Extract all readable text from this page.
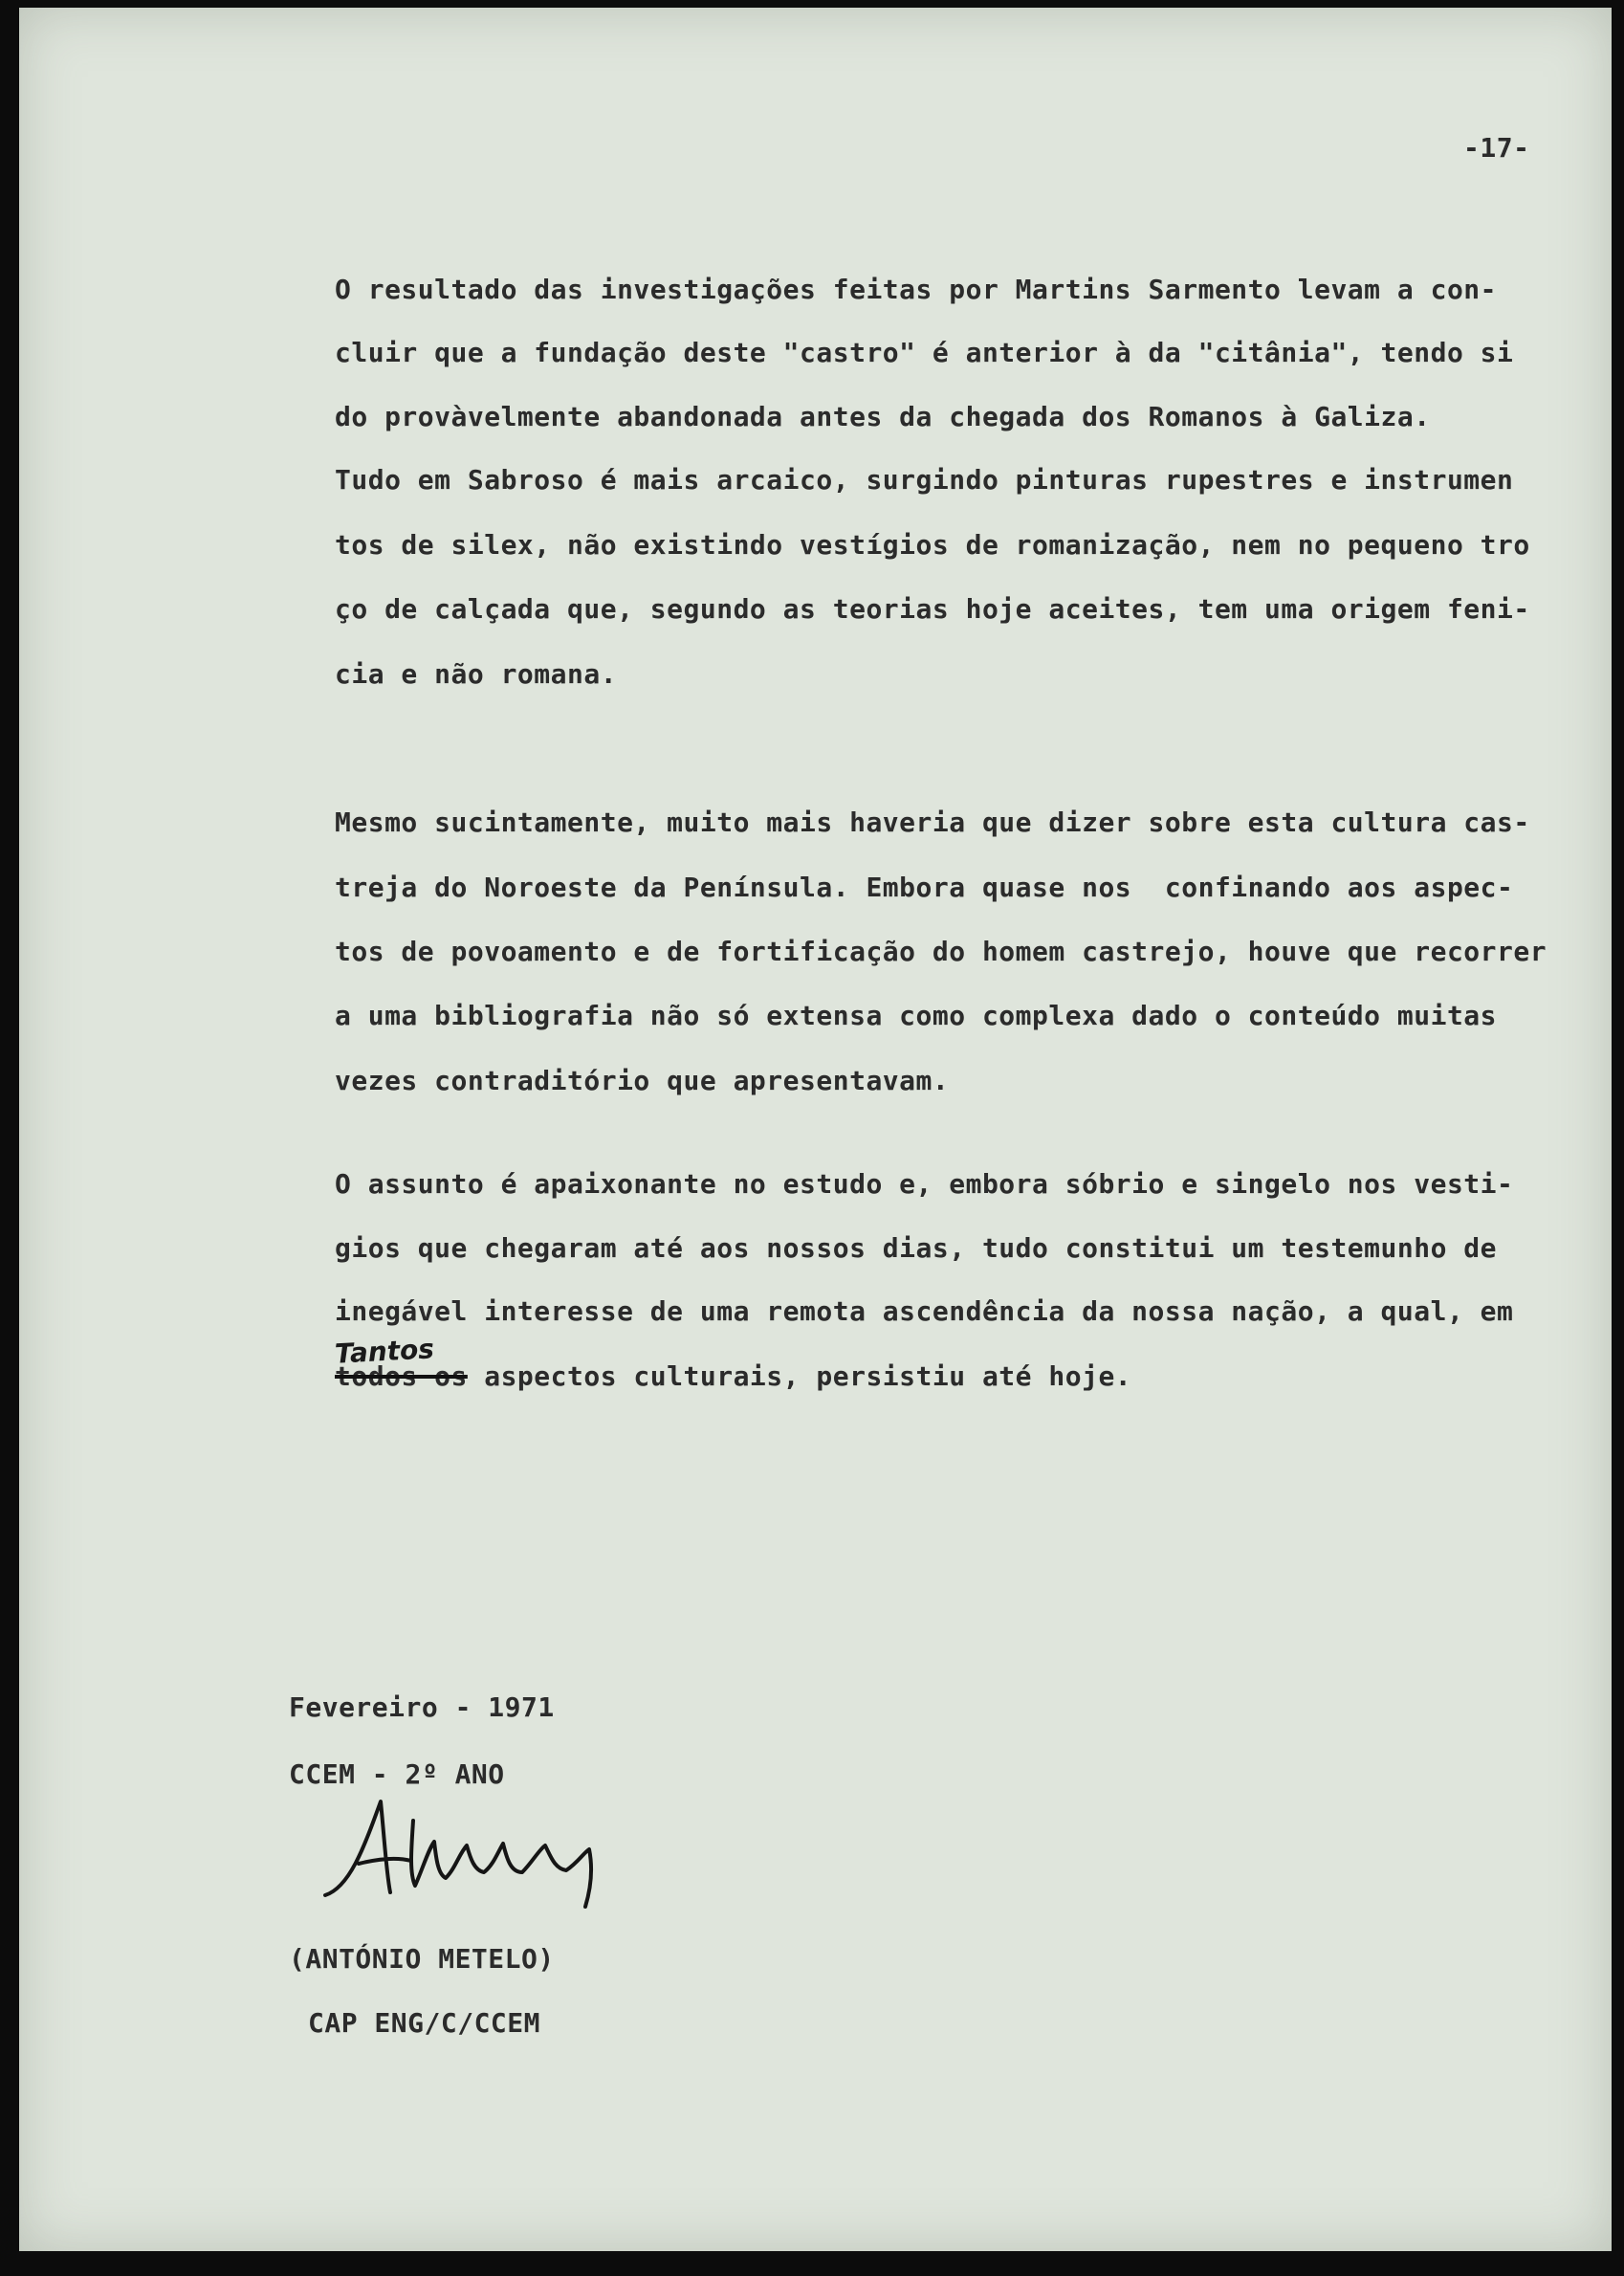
-17-
O resultado das investigações feitas por Martins Sarmento levam a con-
cluir que a fundação deste "castro" é anterior à da "citânia", tendo si
do provàvelmente abandonada antes da chegada dos Romanos à Galiza.
Tudo em Sabroso é mais arcaico, surgindo pinturas rupestres e instrumen
tos de silex, não existindo vestígios de romanização, nem no pequeno tro
ço de calçada que, segundo as teorias hoje aceites, tem uma origem feni-
cia e não romana.
Mesmo sucintamente, muito mais haveria que dizer sobre esta cultura cas-
treja do Noroeste da Península. Embora quase nos  confinando aos aspec-
tos de povoamento e de fortificação do homem castrejo, houve que recorrer
a uma bibliografia não só extensa como complexa dado o conteúdo muitas
vezes contraditório que apresentavam.
O assunto é apaixonante no estudo e, embora sóbrio e singelo nos vesti-
gios que chegaram até aos nossos dias, tudo constitui um testemunho de
inegável interesse de uma remota ascendência da nossa nação, a qual, em
Tantos
todos os aspectos culturais, persistiu até hoje.
Fevereiro - 1971
CCEM - 2º ANO
(ANTÓNIO METELO)
CAP ENG/C/CCEM
